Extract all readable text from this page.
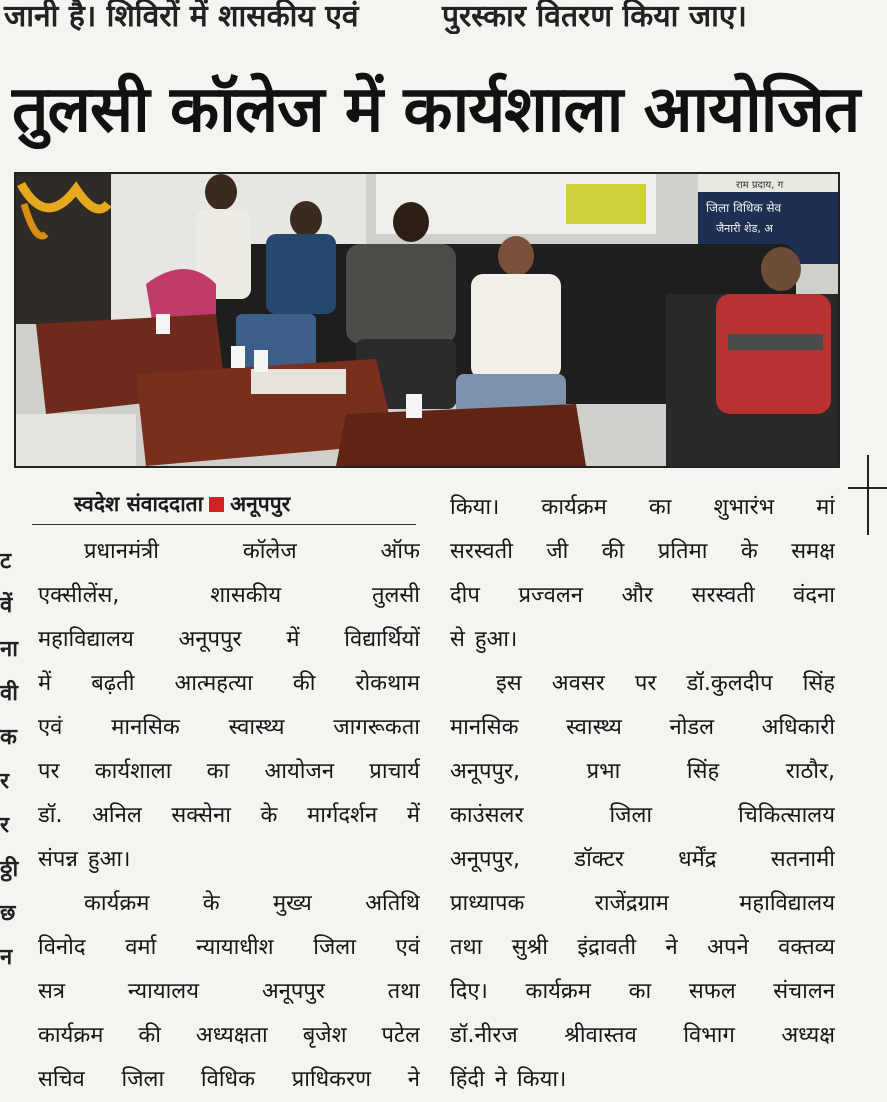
जानी है। शिविरों में शासकीय एवं	पुरस्कार वितरण किया जाए।
तुलसी कॉलेज में कार्यशाला आयोजित
राम प्रदाय, ग
जिला विधिक सेव
जैनारी शेड, अ
स्वदेश संवाददाता अनूपपुर
ट
वें
ना
वी
क
र
र
ठ्ठी
छ
न
प्रधानमंत्री	कॉलेज	ऑफ
एक्सीलेंस,	शासकीय	तुलसी
महाविद्यालय अनूपपुर में विद्यार्थियों
में बढ़ती आत्महत्या की रोकथाम
एवं मानसिक स्वास्थ्य जागरूकता
पर कार्यशाला का आयोजन प्राचार्य
डॉ. अनिल सक्सेना के मार्गदर्शन में
संपन्न हुआ।
कार्यक्रम के मुख्य अतिथि
विनोद वर्मा न्यायाधीश जिला एवं
सत्र	न्यायालय	अनूपपुर	तथा
कार्यक्रम की अध्यक्षता बृजेश पटेल
सचिव जिला विधिक प्राधिकरण ने
किया। कार्यक्रम का शुभारंभ मां
सरस्वती जी की प्रतिमा के समक्ष
दीप प्रज्वलन और सरस्वती वंदना
से हुआ।
इस अवसर पर डॉ.कुलदीप सिंह
मानसिक स्वास्थ्य नोडल अधिकारी
अनूपपुर,	प्रभा	सिंह	राठौर,
काउंसलर	जिला	चिकित्सालय
अनूपपुर, डॉक्टर धर्मेंद्र सतनामी
प्राध्यापक	राजेंद्रग्राम	महाविद्यालय
तथा सुश्री इंद्रावती ने अपने वक्तव्य
दिए। कार्यक्रम का सफल संचालन
डॉ.नीरज श्रीवास्तव विभाग अध्यक्ष
हिंदी ने किया।
